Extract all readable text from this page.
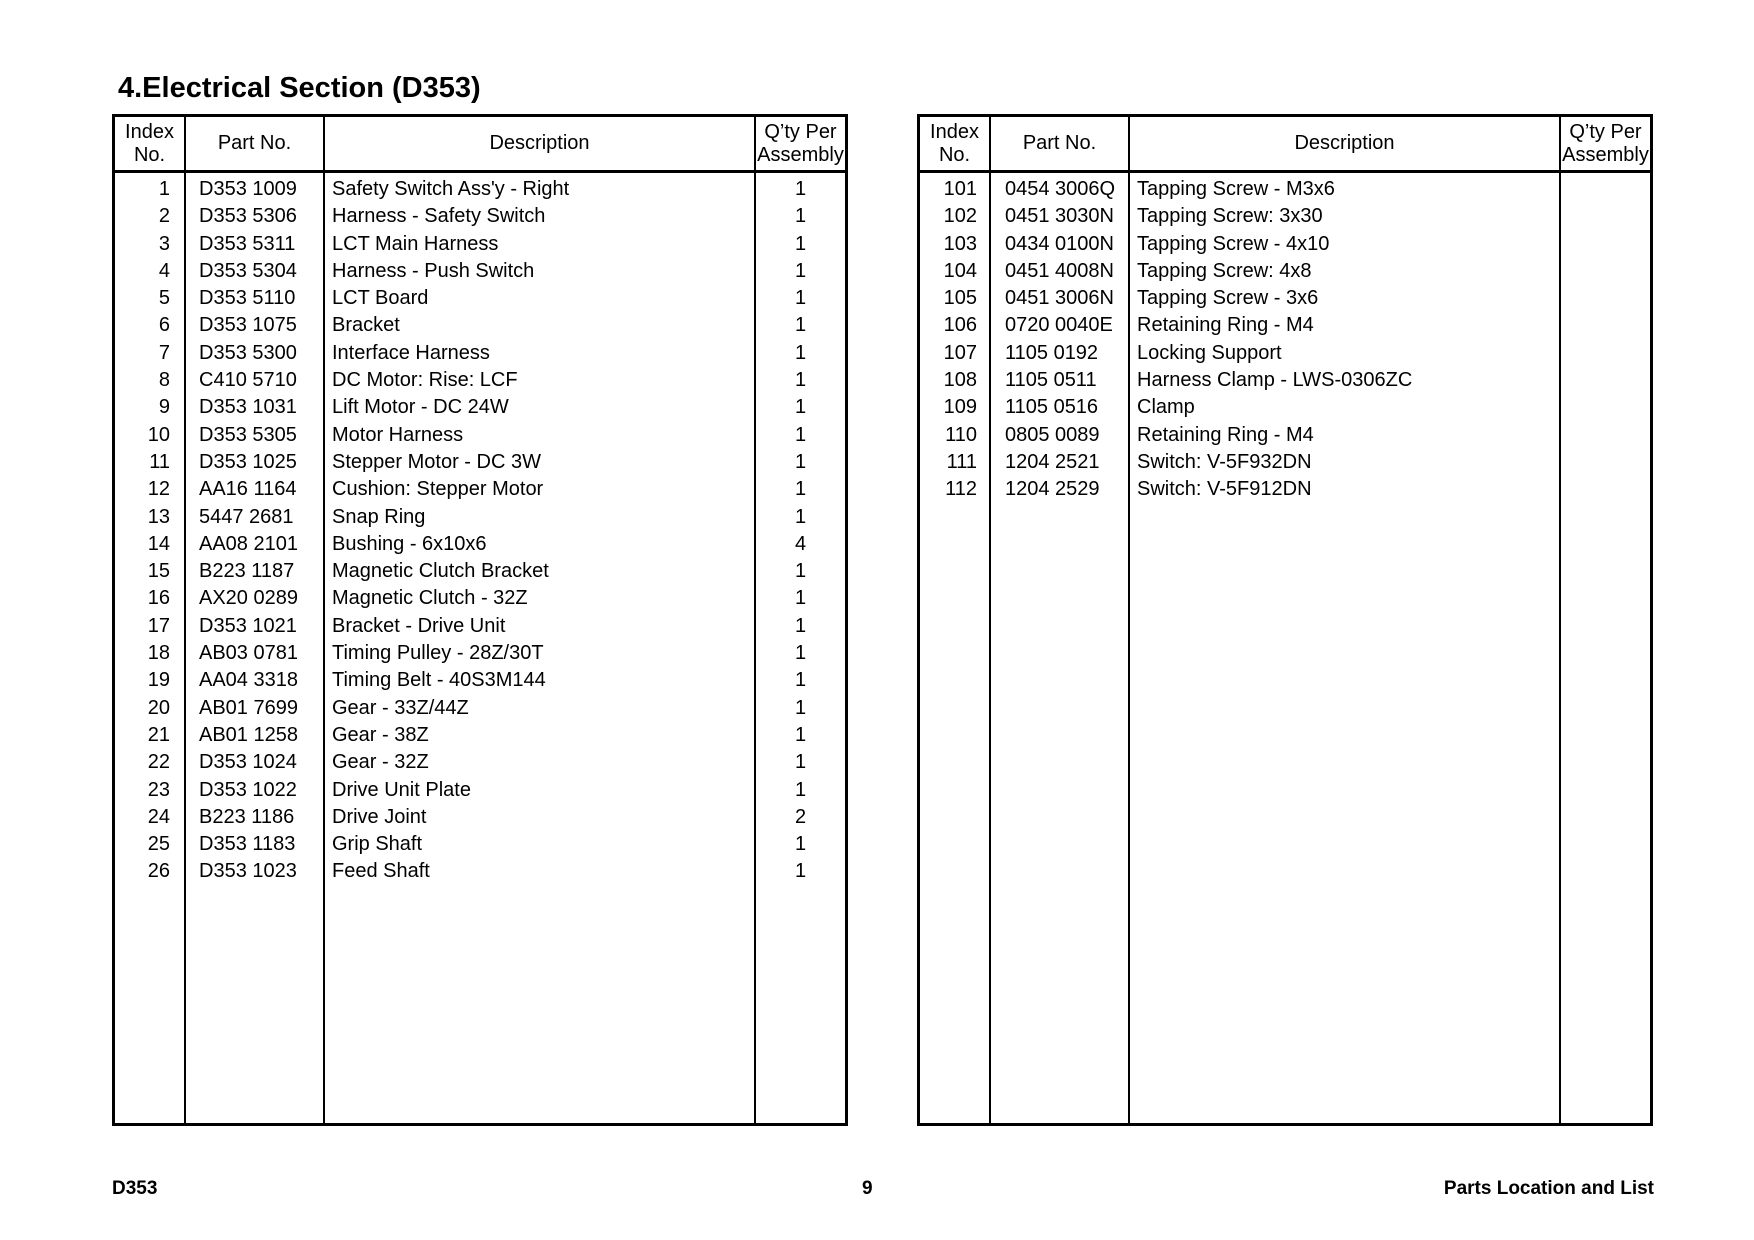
4.Electrical Section (D353)
Index
No.
1
2
3
4
5
6
7
8
9
10
11
12
13
14
15
16
17
18
19
20
21
22
23
24
25
26
Part No.
D353 1009
D353 5306
D353 5311
D353 5304
D353 5110
D353 1075
D353 5300
C410 5710
D353 1031
D353 5305
D353 1025
AA16 1164
5447 2681
AA08 2101
B223 1187
AX20 0289
D353 1021
AB03 0781
AA04 3318
AB01 7699
AB01 1258
D353 1024
D353 1022
B223 1186
D353 1183
D353 1023
Description
Safety Switch Ass'y - Right
Harness - Safety Switch
LCT Main Harness
Harness - Push Switch
LCT Board
Bracket
Interface Harness
DC Motor: Rise: LCF
Lift Motor - DC 24W
Motor Harness
Stepper Motor - DC 3W
Cushion: Stepper Motor
Snap Ring
Bushing - 6x10x6
Magnetic Clutch Bracket
Magnetic Clutch - 32Z
Bracket - Drive Unit
Timing Pulley - 28Z/30T
Timing Belt - 40S3M144
Gear - 33Z/44Z
Gear - 38Z
Gear - 32Z
Drive Unit Plate
Drive Joint
Grip Shaft
Feed Shaft
Q’ty Per
Assembly
1
1
1
1
1
1
1
1
1
1
1
1
1
4
1
1
1
1
1
1
1
1
1
2
1
1
Index
No.
101
102
103
104
105
106
107
108
109
110
111
112
Part No.
0454 3006Q
0451 3030N
0434 0100N
0451 4008N
0451 3006N
0720 0040E
1105 0192
1105 0511
1105 0516
0805 0089
1204 2521
1204 2529
Description
Tapping Screw - M3x6
Tapping Screw: 3x30
Tapping Screw - 4x10
Tapping Screw: 4x8
Tapping Screw - 3x6
Retaining Ring - M4
Locking Support
Harness Clamp - LWS-0306ZC
Clamp
Retaining Ring - M4
Switch: V-5F932DN
Switch: V-5F912DN
Q’ty Per
Assembly
D353	9	Parts Location and List
